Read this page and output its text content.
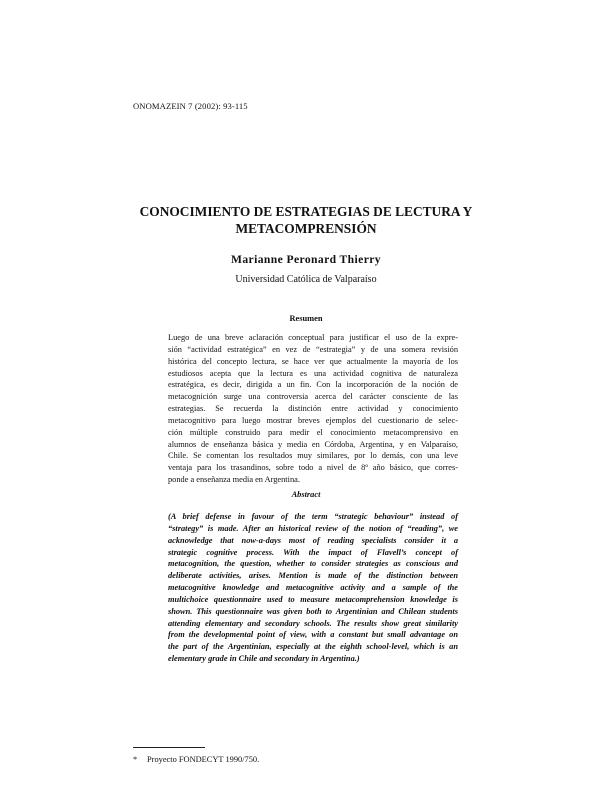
ONOMAZEIN 7 (2002): 93-115
CONOCIMIENTO DE ESTRATEGIAS DE LECTURA Y
METACOMPRENSIÓN
Marianne Peronard Thierry
Universidad Católica de Valparaíso
Resumen
Luego de una breve aclaración conceptual para justificar el uso de la expre-
sión “actividad estratégica” en vez de “estrategia” y de una somera revisión
histórica del concepto lectura, se hace ver que actualmente la mayoría de los
estudiosos acepta que la lectura es una actividad cognitiva de naturaleza
estratégica, es decir, dirigida a un fin. Con la incorporación de la noción de
metacognición surge una controversia acerca del carácter consciente de las
estrategias. Se recuerda la distinción entre actividad y conocimiento
metacognitivo para luego mostrar breves ejemplos del cuestionario de selec-
ción múltiple construido para medir el conocimiento metacomprensivo en
alumnos de enseñanza básica y media en Córdoba, Argentina, y en Valparaíso,
Chile. Se comentan los resultados muy similares, por lo demás, con una leve
ventaja para los trasandinos, sobre todo a nivel de 8º año básico, que corres-
ponde a enseñanza media en Argentina.
Abstract
(A brief defense in favour of the term “strategic behaviour” instead of
“strategy” is made. After an historical review of the notion of “reading”, we
acknowledge that now-a-days most of reading specialists consider it a
strategic cognitive process. With the impact of Flavell’s concept of
metacognition, the question, whether to consider strategies as conscious and
deliberate activities, arises. Mention is made of the distinction between
metacognitive knowledge and metacognitive activity and a sample of the
multichoice questionnaire used to measure metacomprehension knowledge is
shown. This questionnaire was given both to Argentinian and Chilean students
attending elementary and secondary schools. The results show great similarity
from the developmental point of view, with a constant but small advantage on
the part of the Argentinian, especially at the eighth school-level, which is an
elementary grade in Chile and secondary in Argentina.)
* Proyecto FONDECYT 1990/750.
